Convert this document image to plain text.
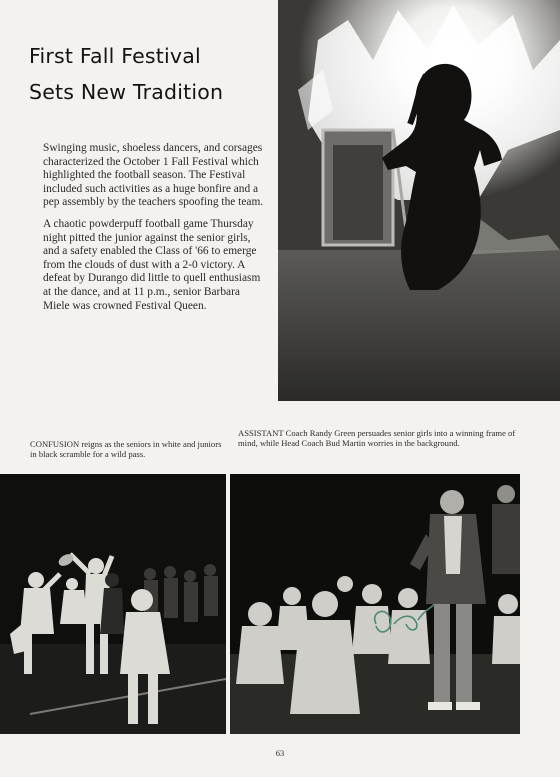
First Fall Festival
Sets New Tradition

Swinging music, shoeless dancers, and corsages characterized the October 1 Fall Festival which highlighted the football season. The Festival included such activities as a huge bonfire and a pep assembly by the teachers spoofing the team.

A chaotic powderpuff football game Thursday night pitted the junior against the senior girls, and a safety enabled the Class of '66 to emerge from the clouds of dust with a 2-0 victory. A defeat by Durango did little to quell enthusiasm at the dance, and at 11 p.m., senior Barbara Miele was crowned Festival Queen.

CONFUSION reigns as the seniors in white and juniors in black scramble for a wild pass.
ASSISTANT Coach Randy Green persuades senior girls into a winning frame of mind, while Head Coach Bud Martin worries in the background.
63
